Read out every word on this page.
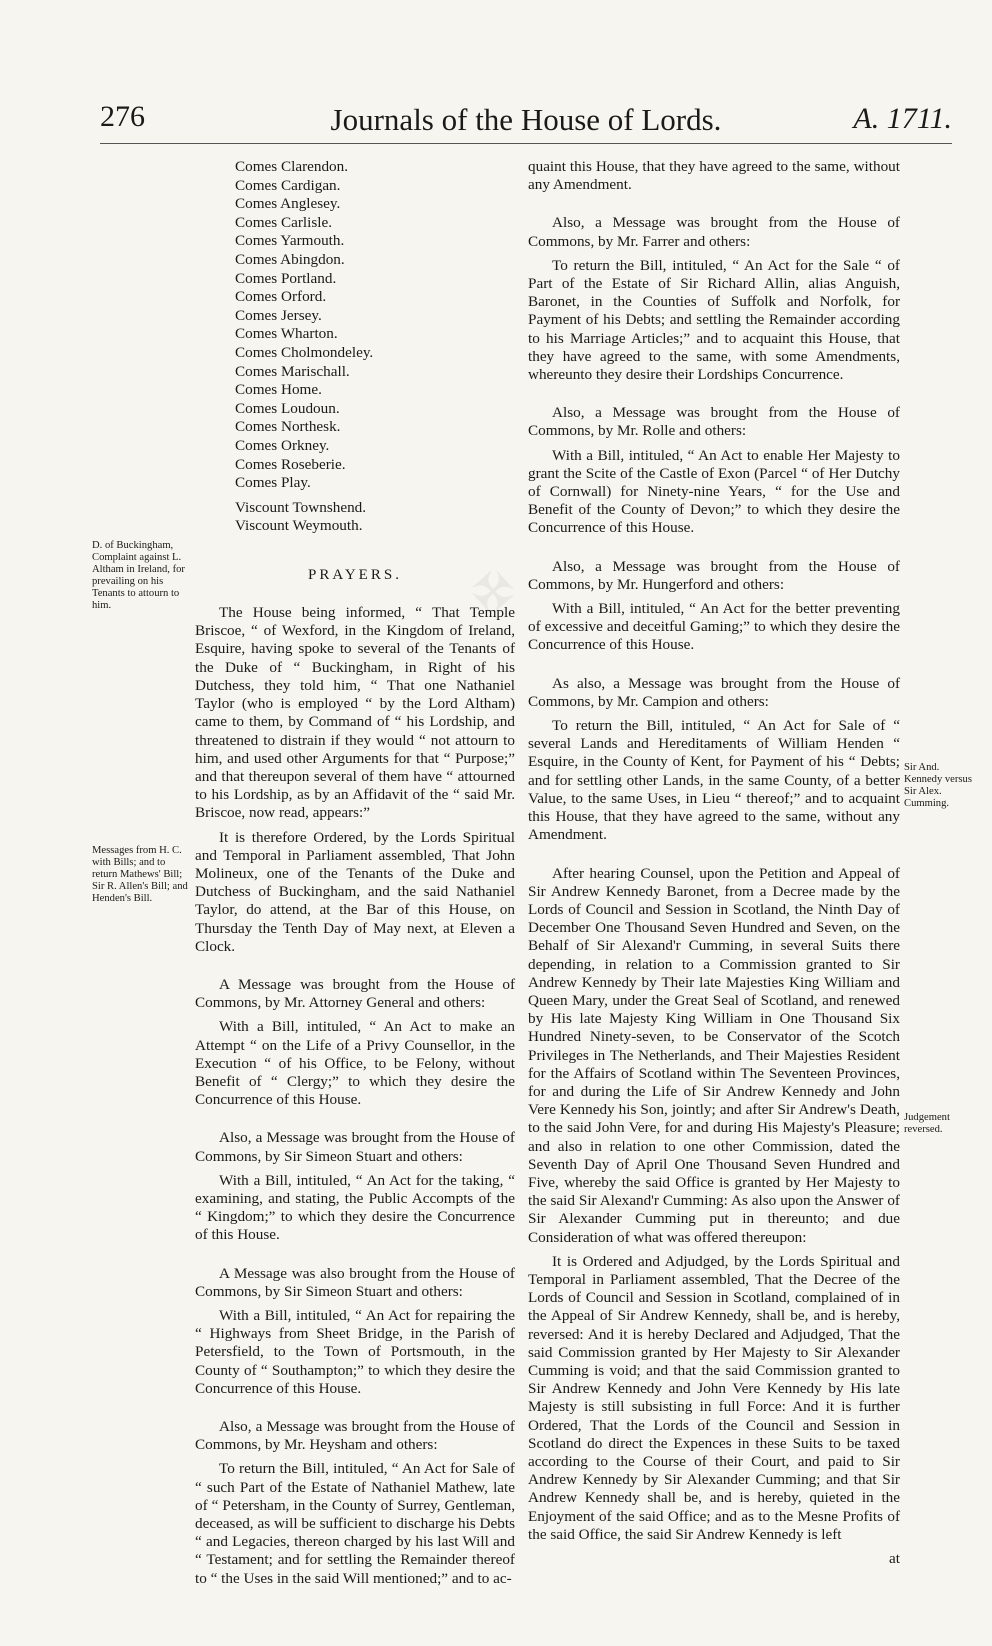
✠
276	Journals of the House of Lords.	A. 1711.
Comes Clarendon.
Comes Cardigan.
Comes Anglesey.
Comes Carlisle.
Comes Yarmouth.
Comes Abingdon.
Comes Portland.
Comes Orford.
Comes Jersey.
Comes Wharton.
Comes Cholmondeley.
Comes Marischall.
Comes Home.
Comes Loudoun.
Comes Northesk.
Comes Orkney.
Comes Roseberie.
Comes Play.
Viscount Townshend.
Viscount Weymouth.
PRAYERS.

The House being informed, “ That Temple Briscoe, “ of Wexford, in the Kingdom of Ireland, Esquire, having spoke to several of the Tenants of the Duke of “ Buckingham, in Right of his Dutchess, they told him, “ That one Nathaniel Taylor (who is employed “ by the Lord Altham) came to them, by Command of “ his Lordship, and threatened to distrain if they would “ not attourn to him, and used other Arguments for that “ Purpose;” and that thereupon several of them have “ attourned to his Lordship, as by an Affidavit of the “ said Mr. Briscoe, now read, appears:”

It is therefore Ordered, by the Lords Spiritual and Temporal in Parliament assembled, That John Molineux, one of the Tenants of the Duke and Dutchess of Buckingham, and the said Nathaniel Taylor, do attend, at the Bar of this House, on Thursday the Tenth Day of May next, at Eleven a Clock.

A Message was brought from the House of Commons, by Mr. Attorney General and others:

With a Bill, intituled, “ An Act to make an Attempt “ on the Life of a Privy Counsellor, in the Execution “ of his Office, to be Felony, without Benefit of “ Clergy;” to which they desire the Concurrence of this House.

Also, a Message was brought from the House of Commons, by Sir Simeon Stuart and others:

With a Bill, intituled, “ An Act for the taking, “ examining, and stating, the Public Accompts of the “ Kingdom;” to which they desire the Concurrence of this House.

A Message was also brought from the House of Commons, by Sir Simeon Stuart and others:

With a Bill, intituled, “ An Act for repairing the “ Highways from Sheet Bridge, in the Parish of Petersfield, to the Town of Portsmouth, in the County of “ Southampton;” to which they desire the Concurrence of this House.

Also, a Message was brought from the House of Commons, by Mr. Heysham and others:

To return the Bill, intituled, “ An Act for Sale of “ such Part of the Estate of Nathaniel Mathew, late of “ Petersham, in the County of Surrey, Gentleman, deceased, as will be sufficient to discharge his Debts “ and Legacies, thereon charged by his last Will and “ Testament; and for settling the Remainder thereof to “ the Uses in the said Will mentioned;” and to ac-

quaint this House, that they have agreed to the same, without any Amendment.

Also, a Message was brought from the House of Commons, by Mr. Farrer and others:

To return the Bill, intituled, “ An Act for the Sale “ of Part of the Estate of Sir Richard Allin, alias Anguish, Baronet, in the Counties of Suffolk and Norfolk, for Payment of his Debts; and settling the Remainder according to his Marriage Articles;” and to acquaint this House, that they have agreed to the same, with some Amendments, whereunto they desire their Lordships Concurrence.

Also, a Message was brought from the House of Commons, by Mr. Rolle and others:

With a Bill, intituled, “ An Act to enable Her Majesty to grant the Scite of the Castle of Exon (Parcel “ of Her Dutchy of Cornwall) for Ninety-nine Years, “ for the Use and Benefit of the County of Devon;” to which they desire the Concurrence of this House.

Also, a Message was brought from the House of Commons, by Mr. Hungerford and others:

With a Bill, intituled, “ An Act for the better preventing of excessive and deceitful Gaming;” to which they desire the Concurrence of this House.

As also, a Message was brought from the House of Commons, by Mr. Campion and others:

To return the Bill, intituled, “ An Act for Sale of “ several Lands and Hereditaments of William Henden “ Esquire, in the County of Kent, for Payment of his “ Debts; and for settling other Lands, in the same County, of a better Value, to the same Uses, in Lieu “ thereof;” and to acquaint this House, that they have agreed to the same, without any Amendment.

After hearing Counsel, upon the Petition and Appeal of Sir Andrew Kennedy Baronet, from a Decree made by the Lords of Council and Session in Scotland, the Ninth Day of December One Thousand Seven Hundred and Seven, on the Behalf of Sir Alexand'r Cumming, in several Suits there depending, in relation to a Commission granted to Sir Andrew Kennedy by Their late Majesties King William and Queen Mary, under the Great Seal of Scotland, and renewed by His late Majesty King William in One Thousand Six Hundred Ninety-seven, to be Conservator of the Scotch Privileges in The Netherlands, and Their Majesties Resident for the Affairs of Scotland within The Seventeen Provinces, for and during the Life of Sir Andrew Kennedy and John Vere Kennedy his Son, jointly; and after Sir Andrew's Death, to the said John Vere, for and during His Majesty's Pleasure; and also in relation to one other Commission, dated the Seventh Day of April One Thousand Seven Hundred and Five, whereby the said Office is granted by Her Majesty to the said Sir Alexand'r Cumming: As also upon the Answer of Sir Alexander Cumming put in thereunto; and due Consideration of what was offered thereupon:

It is Ordered and Adjudged, by the Lords Spiritual and Temporal in Parliament assembled, That the Decree of the Lords of Council and Session in Scotland, complained of in the Appeal of Sir Andrew Kennedy, shall be, and is hereby, reversed: And it is hereby Declared and Adjudged, That the said Commission granted by Her Majesty to Sir Alexander Cumming is void; and that the said Commission granted to Sir Andrew Kennedy and John Vere Kennedy by His late Majesty is still subsisting in full Force: And it is further Ordered, That the Lords of the Council and Session in Scotland do direct the Expences in these Suits to be taxed according to the Course of their Court, and paid to Sir Andrew Kennedy by Sir Alexander Cumming; and that Sir Andrew Kennedy shall be, and is hereby, quieted in the Enjoyment of the said Office; and as to the Mesne Profits of the said Office, the said Sir Andrew Kennedy is left

at
D. of Buckingham, Complaint against L. Altham in Ireland, for prevailing on his Tenants to attourn to him.
Messages from H. C. with Bills; and to return Mathews' Bill; Sir R. Allen's Bill; and Henden's Bill.
Sir And. Kennedy versus Sir Alex. Cumming.
Judgement reversed.
